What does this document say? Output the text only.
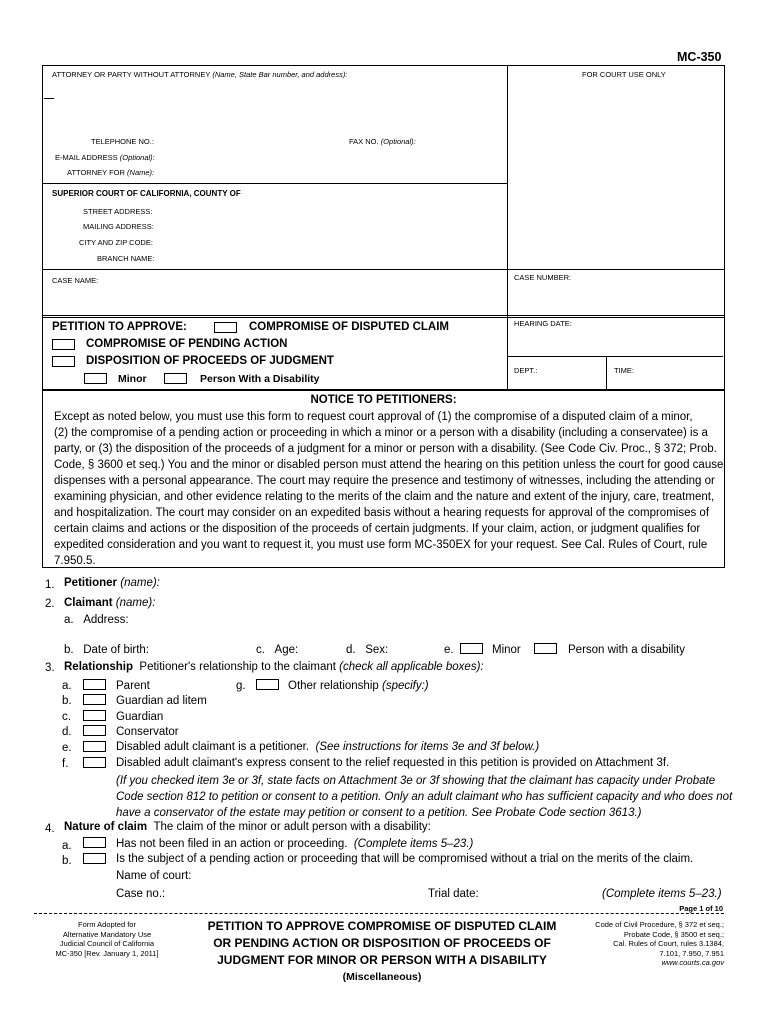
MC-350
ATTORNEY OR PARTY WITHOUT ATTORNEY (Name, State Bar number, and address):	FOR COURT USE ONLY
TELEPHONE NO.:	FAX NO. (Optional):
E-MAIL ADDRESS (Optional):
ATTORNEY FOR (Name):
SUPERIOR COURT OF CALIFORNIA, COUNTY OF
STREET ADDRESS:
MAILING ADDRESS:
CITY AND ZIP CODE:
BRANCH NAME:
CASE NAME:	CASE NUMBER:
HEARING DATE:
DEPT.:	TIME:
PETITION TO APPROVE:	COMPROMISE OF DISPUTED CLAIM
COMPROMISE OF PENDING ACTION
DISPOSITION OF PROCEEDS OF JUDGMENT
Minor	Person With a Disability
NOTICE TO PETITIONERS:
Except as noted below, you must use this form to request court approval of (1) the compromise of a disputed claim of a minor,
(2) the compromise of a pending action or proceeding in which a minor or a person with a disability (including a conservatee) is a
party, or (3) the disposition of the proceeds of a judgment for a minor or person with a disability. (See Code Civ. Proc., § 372; Prob.
Code, § 3600 et seq.) You and the minor or disabled person must attend the hearing on this petition unless the court for good cause
dispenses with a personal appearance. The court may require the presence and testimony of witnesses, including the attending or
examining physician, and other evidence relating to the merits of the claim and the nature and extent of the injury, care, treatment,
and hospitalization. The court may consider on an expedited basis without a hearing requests for approval of the compromises of
certain claims and actions or the disposition of the proceeds of certain judgments. If your claim, action, or judgment qualifies for
expedited consideration and you want to request it, you must use form MC-350EX for your request. See Cal. Rules of Court, rule
7.950.5.
1. Petitioner (name):
2. Claimant (name):
a. Address:
b. Date of birth:	c. Age:	d. Sex:	e.	Minor	Person with a disability
3. Relationship Petitioner's relationship to the claimant (check all applicable boxes):
a.	Parent	g.	Other relationship (specify:)
b.	Guardian ad litem
c.	Guardian
d.	Conservator
e.	Disabled adult claimant is a petitioner. (See instructions for items 3e and 3f below.)
f.	Disabled adult claimant's express consent to the relief requested in this petition is provided on Attachment 3f.
(If you checked item 3e or 3f, state facts on Attachment 3e or 3f showing that the claimant has capacity under Probate
Code section 812 to petition or consent to a petition. Only an adult claimant who has sufficient capacity and who does not
have a conservator of the estate may petition or consent to a petition. See Probate Code section 3613.)
4. Nature of claim The claim of the minor or adult person with a disability:
a.	Has not been filed in an action or proceeding. (Complete items 5–23.)
b.	Is the subject of a pending action or proceeding that will be compromised without a trial on the merits of the claim.
Name of court:
Case no.:	Trial date:	(Complete items 5–23.)
Page 1 of 10
Form Adopted for
Alternative Mandatory Use
Judicial Council of California
MC-350 [Rev. January 1, 2011]
PETITION TO APPROVE COMPROMISE OF DISPUTED CLAIM
OR PENDING ACTION OR DISPOSITION OF PROCEEDS OF
JUDGMENT FOR MINOR OR PERSON WITH A DISABILITY
(Miscellaneous)
Code of Civil Procedure, § 372 et seq.;
Probate Code, § 3500 et seq.;
Cal. Rules of Court, rules 3.1384,
7.101, 7.950, 7.951
www.courts.ca.gov
